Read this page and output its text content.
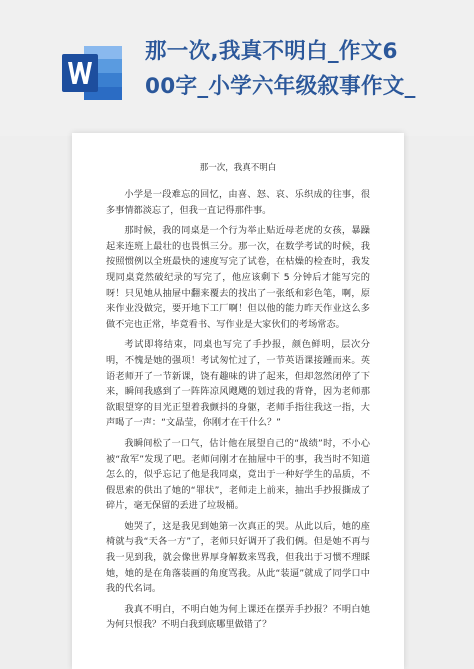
那一次,我真不明白_作文6
00字_小学六年级叙事作文_
那一次，我真不明白

小学是一段难忘的回忆，由喜、怒、哀、乐织成的往事，很多事情都淡忘了，但我一直记得那件事。

那时候，我的同桌是一个行为举止贴近母老虎的女孩，暴躁起来连班上最壮的也畏惧三分。那一次，在数学考试的时候，我按照惯例以全班最快的速度写完了试卷，在枯燥的检查时，我发现同桌竟然破纪录的写完了，他应该剩下 5 分钟后才能写完的呀！只见她从抽屉中翻来覆去的找出了一张纸和彩色笔，啊，原来作业没做完，要开地下工厂啊！但以他的能力昨天作业这么多做不完也正常，毕竟看书、写作业是大家伙们的考场常态。

考试即将结束，同桌也写完了手抄报，颜色鲜明，层次分明，不愧是她的强项！考试匆忙过了，一节英语课接踵而来。英语老师开了一节新课，饶有趣味的讲了起来，但却忽然闭停了下来，瞬间我感到了一阵阵凉风飕飕的划过我的背脊，因为老师那欲眼望穿的目光正望着我颤抖的身躯，老师手指往我这一指，大声喝了一声：“文晶莹，你刚才在干什么？”

我瞬间松了一口气，估计他在展望自己的“战绩”时，不小心被“敌军”发现了吧。老师问刚才在抽屉中干的事，我当时不知道怎么的，似乎忘记了他是我同桌，竟出于一种好学生的品质，不假思索的供出了她的“罪状”，老师走上前来，抽出手抄报撕成了碎片，毫无保留的丢进了垃圾桶。

她哭了，这是我见到她第一次真正的哭。从此以后，她的座椅就与我“天各一方”了，老师只好调开了我们俩。但是她不再与我一见到我，就会像世界厚身解数来骂我，但我出于习惯不理睬她，她的是在角落装画的角度骂我。从此“装逼”就成了同学口中我的代名词。

我真不明白，不明白她为何上课还在摆弄手抄报？不明白她为何只恨我？不明白我到底哪里做错了？
